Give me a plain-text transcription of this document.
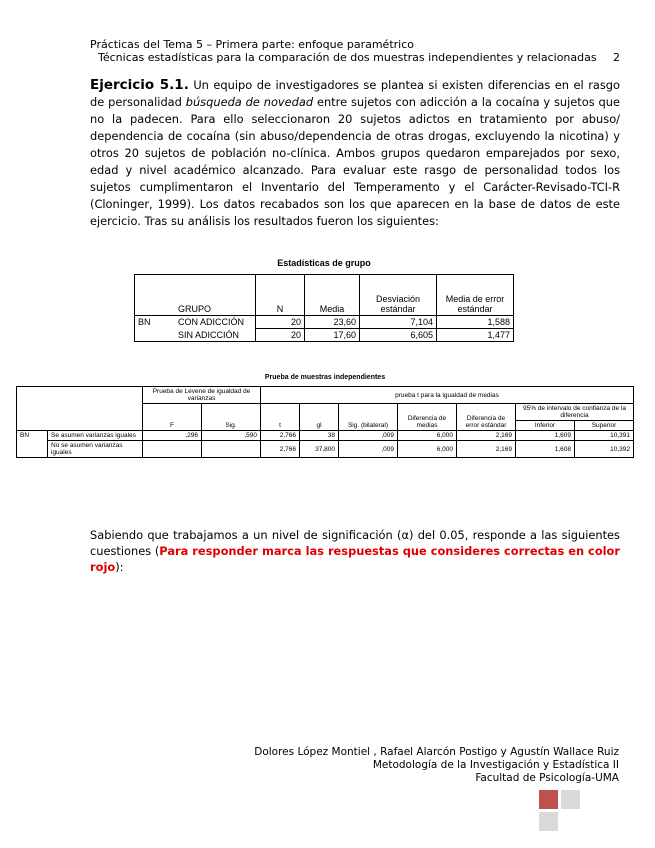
Prácticas del Tema 5 – Primera parte: enfoque paramétrico
Técnicas estadísticas para la comparación de dos muestras independientes y relacionadas	2
Ejercicio 5.1. Un equipo de investigadores se plantea si existen diferencias en el rasgo de personalidad búsqueda de novedad entre sujetos con adicción a la cocaína y sujetos que no la padecen. Para ello seleccionaron 20 sujetos adictos en tratamiento por abuso/ dependencia de cocaína (sin abuso/dependencia de otras drogas, excluyendo la nicotina) y otros 20 sujetos de población no-clínica. Ambos grupos quedaron emparejados por sexo, edad y nivel académico alcanzado. Para evaluar este rasgo de personalidad todos los sujetos cumplimentaron el Inventario del Temperamento y el Carácter-Revisado-TCI-R (Cloninger, 1999). Los datos recabados son los que aparecen en la base de datos de este ejercicio. Tras su análisis los resultados fueron los siguientes:
Estadísticas de grupo
	GRUPO	N	Media	Desviación estándar	Media de error estándar
BN	CON ADICCIÓN	20	23,60	7,104	1,588
	SIN ADICCIÓN	20	17,60	6,605	1,477
Prueba de muestras independientes
		Prueba de Levene de igualdad de varianzas		prueba t para la igualdad de medias						
		F	Sig.	t	gl	Sig. (bilateral)	Diferencia de medias	Diferencia de error estándar	95% de intervalo de confianza de la diferencia	
									Inferior	Superior
BN	Se asumen varianzas iguales	,296	,590	2,766	38	,009	6,000	2,169	1,609	10,391
	No se asumen varianzas iguales			2,766	37,800	,009	6,000	2,169	1,608	10,392
Sabiendo que trabajamos a un nivel de significación (α) del 0.05, responde a las siguientes cuestiones (Para responder marca las respuestas que consideres correctas en color rojo):
Dolores López Montiel , Rafael Alarcón Postigo y Agustín Wallace Ruiz
Metodología de la Investigación y Estadística II
Facultad de Psicología-UMA
